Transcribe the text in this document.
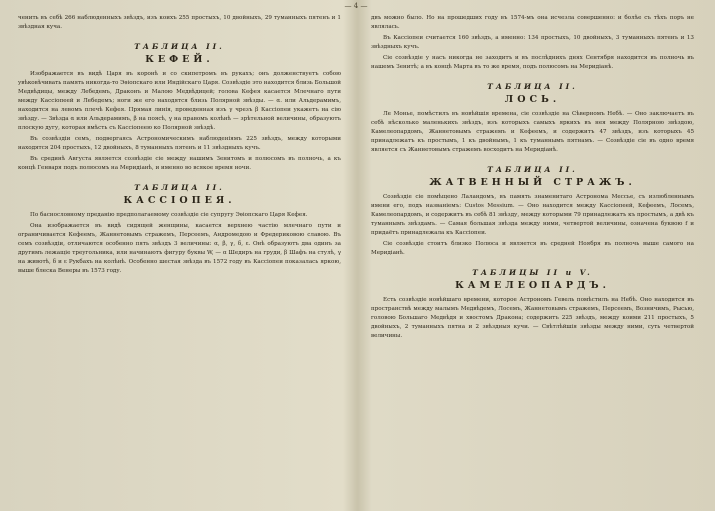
— 4 —

ченить въ себѣ 266 наблюденныхъ звѣздъ, изъ коихъ 255 простыхъ, 10 двойныхъ, 29 туманныхъ пятенъ и 1 звѣздная куча.

ТАБЛИЦА II.
КЕФЕЙ.

Изображается въ видѣ Царя въ коронѣ и со скипетромъ въ рукахъ; онъ долженствуетъ собою увѣковѣчивать память никогда-то Эѳіопскаго или Индійскаго Царя. Созвѣздіе это находится близь Большой Медвѣдицы, между Лебедемъ, Драконъ и Малою Медвѣдицей; голова Кефея касается Млечнаго пути между Кассіопеей и Лебедемъ; ноги же его находятся близь Полярной звѣзды. — α. или Альдерамимъ, находится на левомъ плечѣ Кефея. Прямая линія, проведенная изъ γ чрезъ β Кассіопеи укажетъ на сію звѣзду. — Звѣзда α или Альдерамимъ, β на поясѣ, γ на правомъ колѣнѣ — зрѣтельной величины, образуютъ плоскую дугу, которая вмѣсть съ Кассіопеею ко Полярной звѣздѣ.

Въ созвѣздіи семъ, подвергаясь Астрономическимъ наблюденіямъ 225 звѣздъ, между которыми находятся 204 простыхъ, 12 двойныхъ, 8 туманныхъ пятенъ и 11 звѣздныхъ кучъ.

Въ срединѣ Августа является созвѣздіе сіе между нашимъ Зенитомъ и полюсомъ въ полночь, а къ концѣ Генваря подъ полюсомъ на Меридіанѣ, и именно во всякое время ночи.

ТАБЛИЦА II.
КАССІОПЕЯ.

По баснословному преданію предполагаемому созвѣздіе сіе супругу Эѳіопскаго Царя Кефея.

Она изображается въ видѣ сидящей женщины, касается верхнею частію млечнаго пути и ограничивается Кефеемъ, Жаннетовымъ стражемъ, Персеемъ, Андромедою и Фредериковою славою. Въ семъ созвѣздіи, отличаются особенно пять звѣздъ 3 величины: α, β, γ, δ, ε. Онѣ образуютъ два одинъ за другимъ лежащіе треугольника, или начинаютъ фигуру буквы W, — α Шедиръ на груди, β Шафъ на стулѣ, γ на животѣ, δ и ε Рукбахъ на колѣнѣ. Особенно шестая звѣзда въ 1572 году въ Кассіопеи показалась яркою, выше блеска Венеры въ 1573 году.

двъ можно было. Но на прошедших году въ 1574-мъ она исчезла совершенно: и болѣе съ тѣхъ поръ не являлась.

Въ Кассіопеи считается 160 звѣздъ, а именно: 134 простыхъ, 10 двойныхъ, 3 туманныхъ пятенъ и 13 звѣздныхъ кучъ.

Сіе созвѣздіе у насъ никогда не заходитъ и въ послѣднихъ днях Сентября находится въ полночь въ нашемъ Зенитѣ; а въ концѣ Марта въ то же время, подъ полюсомъ на Меридіанѣ.

ТАБЛИЦА II.
ЛОСЬ.

Ле Монье, помѣстилъ въ новѣйшія времена, сіе созвѣздіе на Сѣверномъ Небѣ. — Оно заключаетъ въ себѣ нѣсколько маленькихъ звѣздъ, изъ которыхъ самыхъ яркихъ въ нея между Полярною звѣздою, Камелеопардомъ, Жаннетовымъ стражемъ и Кефеемъ, и содержитъ 47 звѣздъ, изъ которыхъ 45 принадлежатъ къ простымъ, 1 къ двойнымъ, 1 къ туманнымъ пятнамъ. — Созвѣздіе сіе въ одно время является съ Жаннетовымъ стражемъ восходитъ на Меридіанѣ.

ТАБЛИЦА II.
ЖАТВЕННЫЙ СТРАЖЪ.

Созвѣздіе сіе помѣщено Лаландомъ, въ память знаменитаго Астронома Мессье, съ излюбленнымъ имени его, подъ названіемъ: Custos Messium. — Оно находится между Кассіопеей, Кефеемъ, Лосемъ, Камелеопардомъ, и содержитъ въ себѣ 81 звѣзду, между которыми 79 принадлежатъ къ простымъ, а двѣ къ туманнымъ звѣздамъ. — Самая большая звѣзда между ними, четвертой величины, означена буквою f и придаётъ принадлежала къ Кассіопеи.

Сіе созвѣздіе стоитъ близко Полюса и является въ средней Ноября въ полночь выше самого на Меридіанѣ.

ТАБЛИЦЫ II и V.
КАМЕЛЕОПАРДЪ.

Есть созвѣздіе новѣйшаго времени, которое Астрономъ Гевель помѣстилъ на Небѣ. Оно находится въ пространствѣ между малымъ Медвѣдемъ, Лосемъ, Жаннетовымъ стражемъ, Персеемъ, Возничимъ, Рысью, головою Большаго Медвѣдя и хвостомъ Дракона; содержитъ 225 звѣздъ, между коими 211 простыхъ, 5 двойныхъ, 2 туманныхъ пятна и 2 звѣздныя кучи. — Свѣтлѣйшія звѣзды между ними, суть четвертой величины.
